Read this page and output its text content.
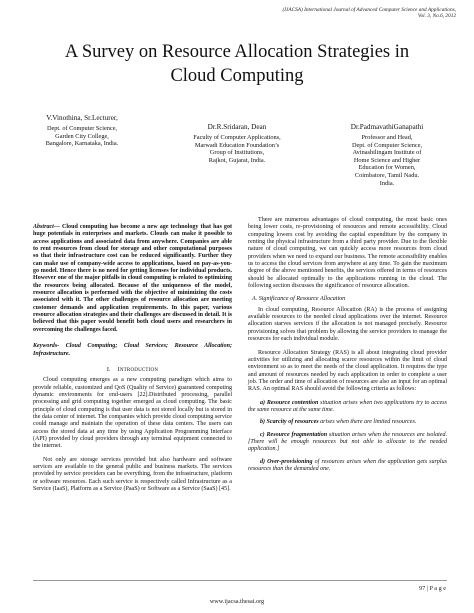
(IJACSA) International Journal of Advanced Computer Science and Applications,
Vol. 3, No.6, 2012
A Survey on Resource Allocation Strategies in
Cloud Computing
V.Vinothina, Sr.Lecturer,
Dept. of Computer Science,
Garden City College,
Bangalore, Karnataka, India.
Dr.R.Sridaran, Dean
Faculty of Computer Applications,
Marwadi Education Foundation’s
Group of Institutions,
Rajkot, Gujarat, India.
Dr.PadmavathiGanapathi
Professor and Head,
Dept. of Computer Science,
Avinashilingam Institute of
Home Science and Higher
Education for Women,
Coimbatore, Tamil Nadu.
India.
Abstract— Cloud computing has become a new age technology that has got huge potentials in enterprises and markets. Clouds can make it possible to access applications and associated data from anywhere. Companies are able to rent resources from cloud for storage and other computational purposes so that their infrastructure cost can be reduced significantly. Further they can make use of company-wide access to applications, based on pay-as-you-go model. Hence there is no need for getting licenses for individual products. However one of the major pitfalls in cloud computing is related to optimizing the resources being allocated. Because of the uniqueness of the model, resource allocation is performed with the objective of minimizing the costs associated with it. The other challenges of resource allocation are meeting customer demands and application requirements. In this paper, various resource allocation strategies and their challenges are discussed in detail. It is believed that this paper would benefit both cloud users and researchers in overcoming the challenges faced.
Keywords- Cloud Computing; Cloud Services; Resource Allocation; Infrastructure.
I. INTRODUCTION

Cloud computing emerges as a new computing paradigm which aims to provide reliable, customized and QoS (Quality of Service) guaranteed computing dynamic environments for end-users [22].Distributed processing, parallel processing and grid computing together emerged as cloud computing. The basic principle of cloud computing is that user data is not stored locally but is stored in the data center of internet. The companies which provide cloud computing service could manage and maintain the operation of these data centers. The users can access the stored data at any time by using Application Programming Interface (API) provided by cloud providers through any terminal equipment connected to the internet.

Not only are storage services provided but also hardware and software services are available to the general public and business markets. The services provided by service providers can be everything, from the infrastructure, platform or software resources. Each such service is respectively called Infrastructure as a Service (IaaS), Platform as a Service (PaaS) or Software as a Service (SaaS) [45].

There are numerous advantages of cloud computing, the most basic ones being lower costs, re-provisioning of resources and remote accessibility. Cloud computing lowers cost by avoiding the capital expenditure by the company in renting the physical infrastructure from a third party provider. Due to the flexible nature of cloud computing, we can quickly access more resources from cloud providers when we need to expand our business. The remote accessibility enables us to access the cloud services from anywhere at any time. To gain the maximum degree of the above mentioned benefits, the services offered in terms of resources should be allocated optimally to the applications running in the cloud. The following section discusses the significance of resource allocation.

A. Significance of Resource Allocation

In cloud computing, Resource Allocation (RA) is the process of assigning available resources to the needed cloud applications over the internet. Resource allocation starves services if the allocation is not managed precisely. Resource provisioning solves that problem by allowing the service providers to manage the resources for each individual module.

Resource Allocation Strategy (RAS) is all about integrating cloud provider activities for utilizing and allocating scarce resources within the limit of cloud environment so as to meet the needs of the cloud application. It requires the type and amount of resources needed by each application in order to complete a user job. The order and time of allocation of resources are also an input for an optimal RAS. An optimal RAS should avoid the following criteria as follows:

a) Resource contention situation arises when two applications try to access the same resource at the same time.
b) Scarcity of resources arises when there are limited resources.
c) Resource fragmentation situation arises when the resources are isolated. [There will be enough resources but not able to allocate to the needed application.]
d) Over-provisioning of resources arises when the application gets surplus resources than the demanded one.
97 | P a g e
www.ijacsa.thesai.org
